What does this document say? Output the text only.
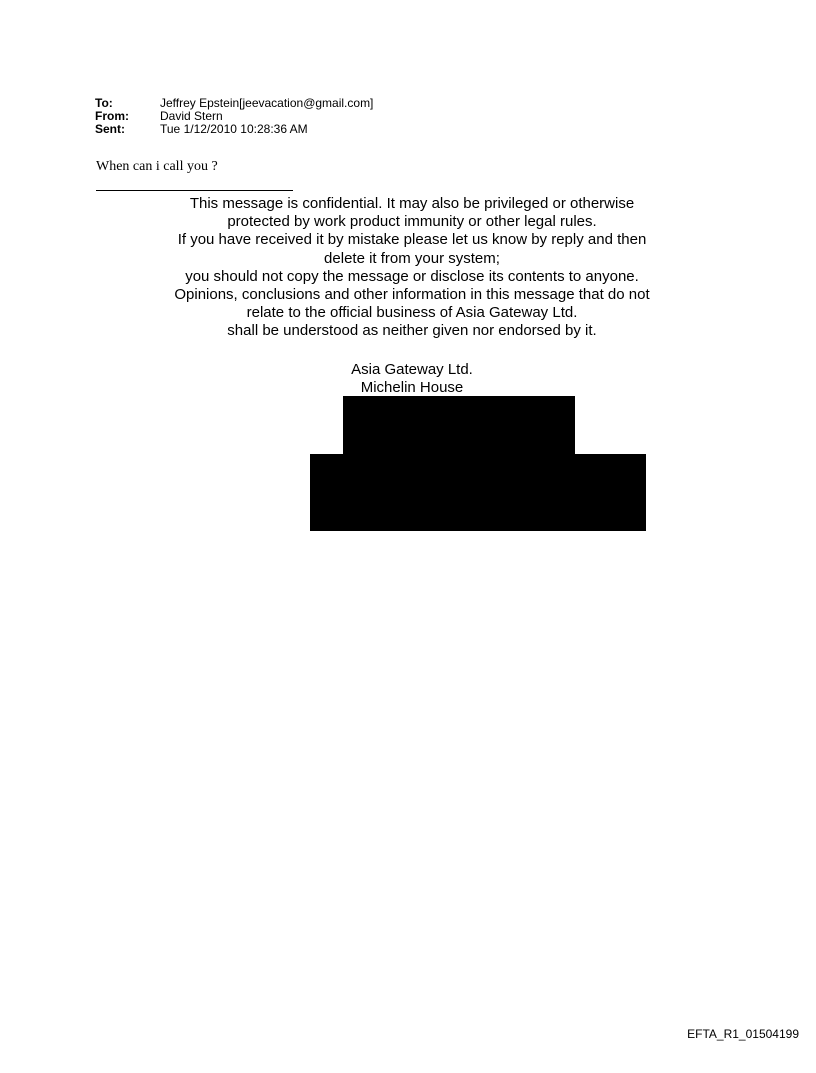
To:	Jeffrey Epstein[jeevacation@gmail.com]
From:	David Stern
Sent:	Tue 1/12/2010 10:28:36 AM
When can i call you ?
This message is confidential. It may also be privileged or otherwise
protected by work product immunity or other legal rules.
If you have received it by mistake please let us know by reply and then
delete it from your system;
you should not copy the message or disclose its contents to anyone.
Opinions, conclusions and other information in this message that do not
relate to the official business of Asia Gateway Ltd.
shall be understood as neither given nor endorsed by it.
Asia Gateway Ltd.
Michelin House
EFTA_R1_01504199
